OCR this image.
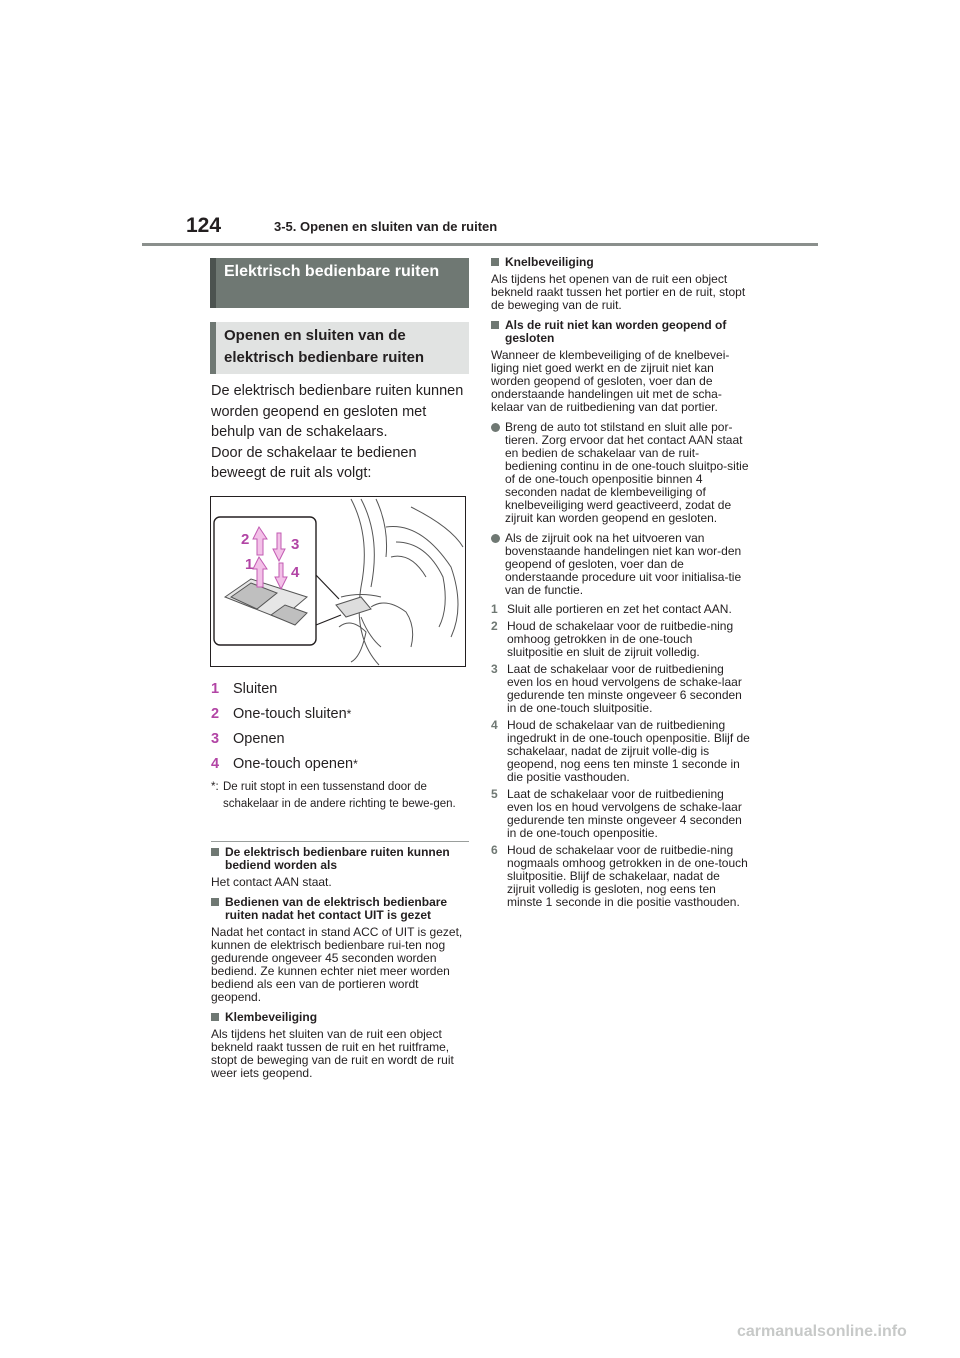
124	3-5. Openen en sluiten van de ruiten
Elektrisch bedienbare ruiten
Openen en sluiten van de elektrisch bedienbare ruiten
De elektrisch bedienbare ruiten kunnen
worden geopend en gesloten met
behulp van de schakelaars.
Door de schakelaar te bedienen
beweegt de ruit als volgt:
1
2	3
4
1 Sluiten
2 One-touch sluiten *
3 Openen
4 One-touch openen *
*: De ruit stopt in een tussenstand door de schakelaar in de andere richting te bewe-gen.

De elektrisch bedienbare ruiten kunnen bediend worden als

Het contact AAN staat.

Bedienen van de elektrisch bedienbare ruiten nadat het contact UIT is gezet

Nadat het contact in stand ACC of UIT is gezet, kunnen de elektrisch bedienbare rui-ten nog gedurende ongeveer 45 seconden worden bediend. Ze kunnen echter niet meer worden bediend als een van de portieren wordt geopend.

Klembeveiliging

Als tijdens het sluiten van de ruit een object bekneld raakt tussen de ruit en het ruitframe, stopt de beweging van de ruit en wordt de ruit weer iets geopend.

Knelbeveiliging

Als tijdens het openen van de ruit een object bekneld raakt tussen het portier en de ruit, stopt de beweging van de ruit.

Als de ruit niet kan worden geopend of gesloten

Wanneer de klembeveiliging of de knelbevei-liging niet goed werkt en de zijruit niet kan worden geopend of gesloten, voer dan de onderstaande handelingen uit met de scha-kelaar van de ruitbediening van dat portier.

Breng de auto tot stilstand en sluit alle por-tieren. Zorg ervoor dat het contact AAN staat en bedien de schakelaar van de ruit-bediening continu in de one-touch sluitpo-sitie of de one-touch openpositie binnen 4 seconden nadat de klembeveiliging of knelbeveiliging werd geactiveerd, zodat de zijruit kan worden geopend en gesloten.

Als de zijruit ook na het uitvoeren van bovenstaande handelingen niet kan wor-den geopend of gesloten, voer dan de onderstaande procedure uit voor initialisa-tie van de functie.

1 Sluit alle portieren en zet het contact AAN.
2 Houd de schakelaar voor de ruitbedie-ning omhoog getrokken in de one-touch sluitpositie en sluit de zijruit volledig.
3 Laat de schakelaar voor de ruitbediening even los en houd vervolgens de schake-laar gedurende ten minste ongeveer 6 seconden in de one-touch sluitpositie.
4 Houd de schakelaar van de ruitbediening ingedrukt in de one-touch openpositie. Blijf de schakelaar, nadat de zijruit volle-dig is geopend, nog eens ten minste 1 seconde in die positie vasthouden.
5 Laat de schakelaar voor de ruitbediening even los en houd vervolgens de schake-laar gedurende ten minste ongeveer 4 seconden in de one-touch openpositie.
6 Houd de schakelaar voor de ruitbedie-ning nogmaals omhoog getrokken in de one-touch sluitpositie. Blijf de schakelaar, nadat de zijruit volledig is gesloten, nog eens ten minste 1 seconde in die positie vasthouden.
carmanualsonline.info
